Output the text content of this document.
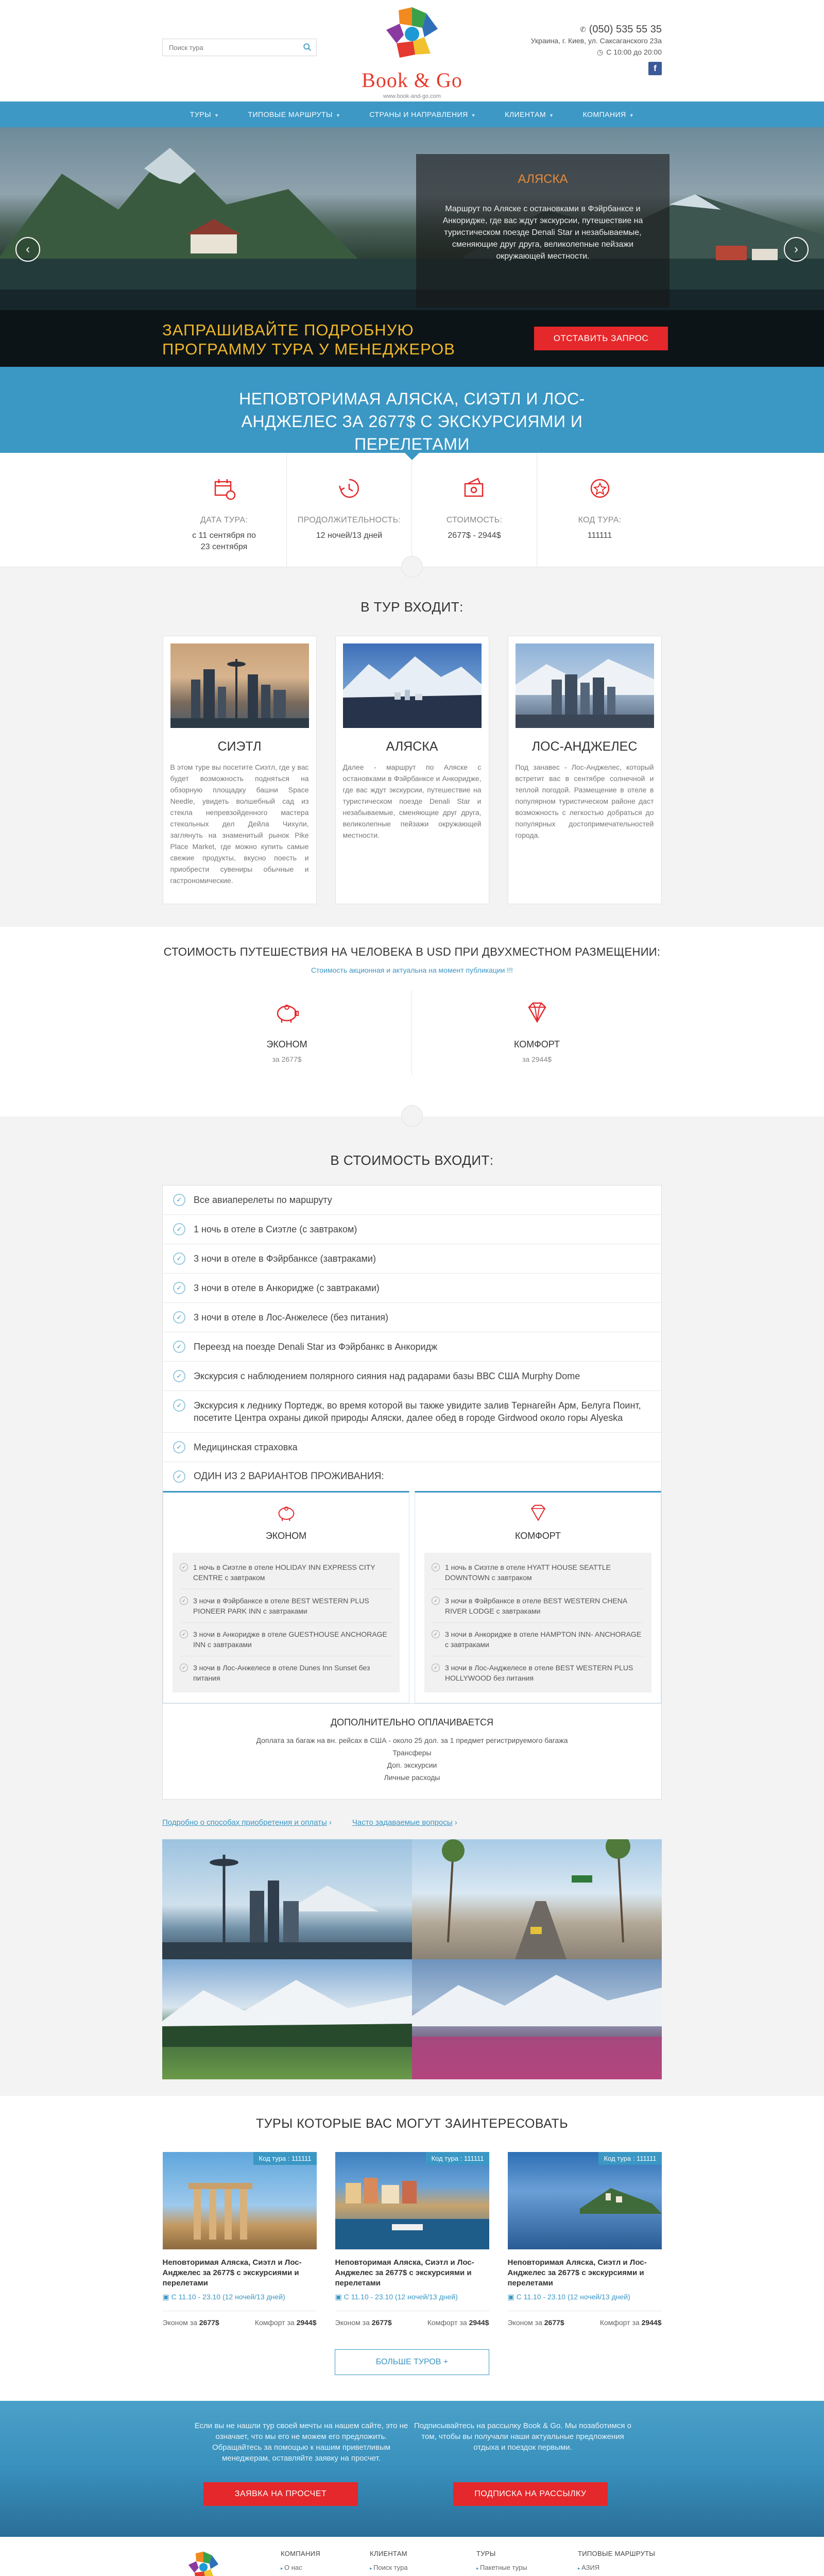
Поиск тура
Book & Go
www.book-and-go.com
✆ (050) 535 55 35
Украина, г. Киев, ул. Саксаганского 23а
◷ С 10:00 до 20:00
f
ТУРЫ ▼	ТИПОВЫЕ МАРШРУТЫ ▼	СТРАНЫ И НАПРАВЛЕНИЯ ▼	КЛИЕНТАМ ▼	КОМПАНИЯ ▼
‹	›
АЛЯСКА
Маршрут по Аляске с остановками в Фэйрбанксе и Анкоридже, где вас ждут экскурсии, путешествие на туристическом поезде Denali Star и незабываемые, сменяющие друг друга, великолепные пейзажи окружающей местности.
ЗАПРАШИВАЙТЕ ПОДРОБНУЮ ПРОГРАММУ ТУРА У МЕНЕДЖЕРОВ
ОТСТАВИТЬ ЗАПРОС
НЕПОВТОРИМАЯ АЛЯСКА, СИЭТЛ И ЛОС-АНДЖЕЛЕС ЗА 2677$ С ЭКСКУРСИЯМИ И ПЕРЕЛЕТАМИ
ДАТА ТУРА:
с 11 сентября по 23 сентября
ПРОДОЛЖИТЕЛЬНОСТЬ:
12 ночей/13 дней
СТОИМОСТЬ:
2677$ - 2944$
КОД ТУРА:
111111
В ТУР ВХОДИТ:
СИЭТЛ
В этом туре вы посетите Сиэтл, где у вас будет возможность подняться на обзорную площадку башни Space Needle, увидеть волшебный сад из стекла непревзойденного мастера стекольных дел Дейла Чихули, заглянуть на знаменитый рынок Pike Place Market, где можно купить самые свежие продукты, вкусно поесть и приобрести сувениры обычные и гастрономические.
АЛЯСКА
Далее - маршрут по Аляске с остановками в Фэйрбанксе и Анкоридже, где вас ждут экскурсии, путешествие на туристическом поезде Denali Star и незабываемые, сменяющие друг друга, великолепные пейзажи окружающей местности.
ЛОС-АНДЖЕЛЕС
Под занавес - Лос-Анджелес, который встретит вас в сентябре солнечной и теплой погодой. Размещение в отеле в популярном туристическом районе даст возможность с легкостью добраться до популярных достопримечательностей города.
СТОИМОСТЬ ПУТЕШЕСТВИЯ НА ЧЕЛОВЕКА В USD ПРИ ДВУХМЕСТНОМ РАЗМЕЩЕНИИ:
Стоимость акционная и актуальна на момент публикации !!!
ЭКОНОМ
за 2677$
КОМФОРТ
за 2944$
В СТОИМОСТЬ ВХОДИТ:
✓	Все авиаперелеты по маршруту
✓	1 ночь в отеле в Сиэтле (с завтраком)
✓	3 ночи в отеле в Фэйрбанксе (завтраками)
✓	3 ночи в отеле в Анкоридже (с завтраками)
✓	3 ночи в отеле в Лос-Анжелесе (без питания)
✓	Переезд на поезде Denali Star из Фэйрбанкс в Анкоридж
✓	Экскурсия с наблюдением полярного сияния над радарами базы ВВС США Murphy Dome
✓	Экскурсия к леднику Портедж, во время которой вы также увидите залив Тернагейн Арм, Белуга Поинт, посетите Центра охраны дикой природы Аляски, далее обед в городе Girdwood около горы Alyeska
✓	Медицинская страховка
✓	ОДИН ИЗ 2 ВАРИАНТОВ ПРОЖИВАНИЯ:
ЭКОНОМ
✓	1 ночь в Сиэтле в отеле HOLIDAY INN EXPRESS CITY CENTRE с завтраком
✓	3 ночи в Фэйрбанксе в отеле BEST WESTERN PLUS PIONEER PARK INN с завтраками
✓	3 ночи в Анкоридже в отеле GUESTHOUSE ANCHORAGE INN с завтраками
✓	3 ночи в Лос-Анжелесе в отеле Dunes Inn Sunset без питания
КОМФОРТ
✓	1 ночь в Сиэтле в отеле HYATT HOUSE SEATTLE DOWNTOWN с завтраком
✓	3 ночи в Фэйрбанксе в отеле BEST WESTERN CHENA RIVER LODGE с завтраками
✓	3 ночи в Анкоридже в отеле HAMPTON INN- ANCHORAGE с завтраками
✓	3 ночи в Лос-Анджелесе в отеле BEST WESTERN PLUS HOLLYWOOD без питания
ДОПОЛНИТЕЛЬНО ОПЛАЧИВАЕТСЯ
Доплата за багаж на вн. рейсах в США - около 25 дол. за 1 предмет регистрируемого багажа
Трансферы
Доп. экскурсии
Личные расходы
Подробно о способах приобретения и оплаты ›	Часто задаваемые вопросы ›
ТУРЫ КОТОРЫЕ ВАС МОГУТ ЗАИНТЕРЕСОВАТЬ
Код тура : 111111
Неповторимая Аляска, Сиэтл и Лос-Анджелес за 2677$ с экскурсиями и перелетами
▣ С 11.10 - 23.10 (12 ночей/13 дней)
Эконом за 2677$	Комфорт за 2944$
Код тура : 111111
Неповторимая Аляска, Сиэтл и Лос-Анджелес за 2677$ с экскурсиями и перелетами
▣ С 11.10 - 23.10 (12 ночей/13 дней)
Эконом за 2677$	Комфорт за 2944$
Код тура : 111111
Неповторимая Аляска, Сиэтл и Лос-Анджелес за 2677$ с экскурсиями и перелетами
▣ С 11.10 - 23.10 (12 ночей/13 дней)
Эконом за 2677$	Комфорт за 2944$
БОЛЬШЕ ТУРОВ +
Если вы не нашли тур своей мечты на нашем сайте, это не означает, что мы его не можем его предложить. Обращайтесь за помощью к нашим приветливым менеджерам, оставляйте заявку на просчет.
Подписывайтесь на рассылку Book & Go. Мы позаботимся о том, чтобы вы получали наши актуальные предложения отдыха и поездок первыми.
ЗАЯВКА НА ПРОСЧЕТ	ПОДПИСКА НА РАССЫЛКУ
КОМПАНИЯ
▸ О нас
▸
КЛИЕНТАМ
▸ Поиск тура
▸
ТУРЫ
▸ Пакетные туры
▸
ТИПОВЫЕ МАРШРУТЫ
▸ АЗИЯ
▸
